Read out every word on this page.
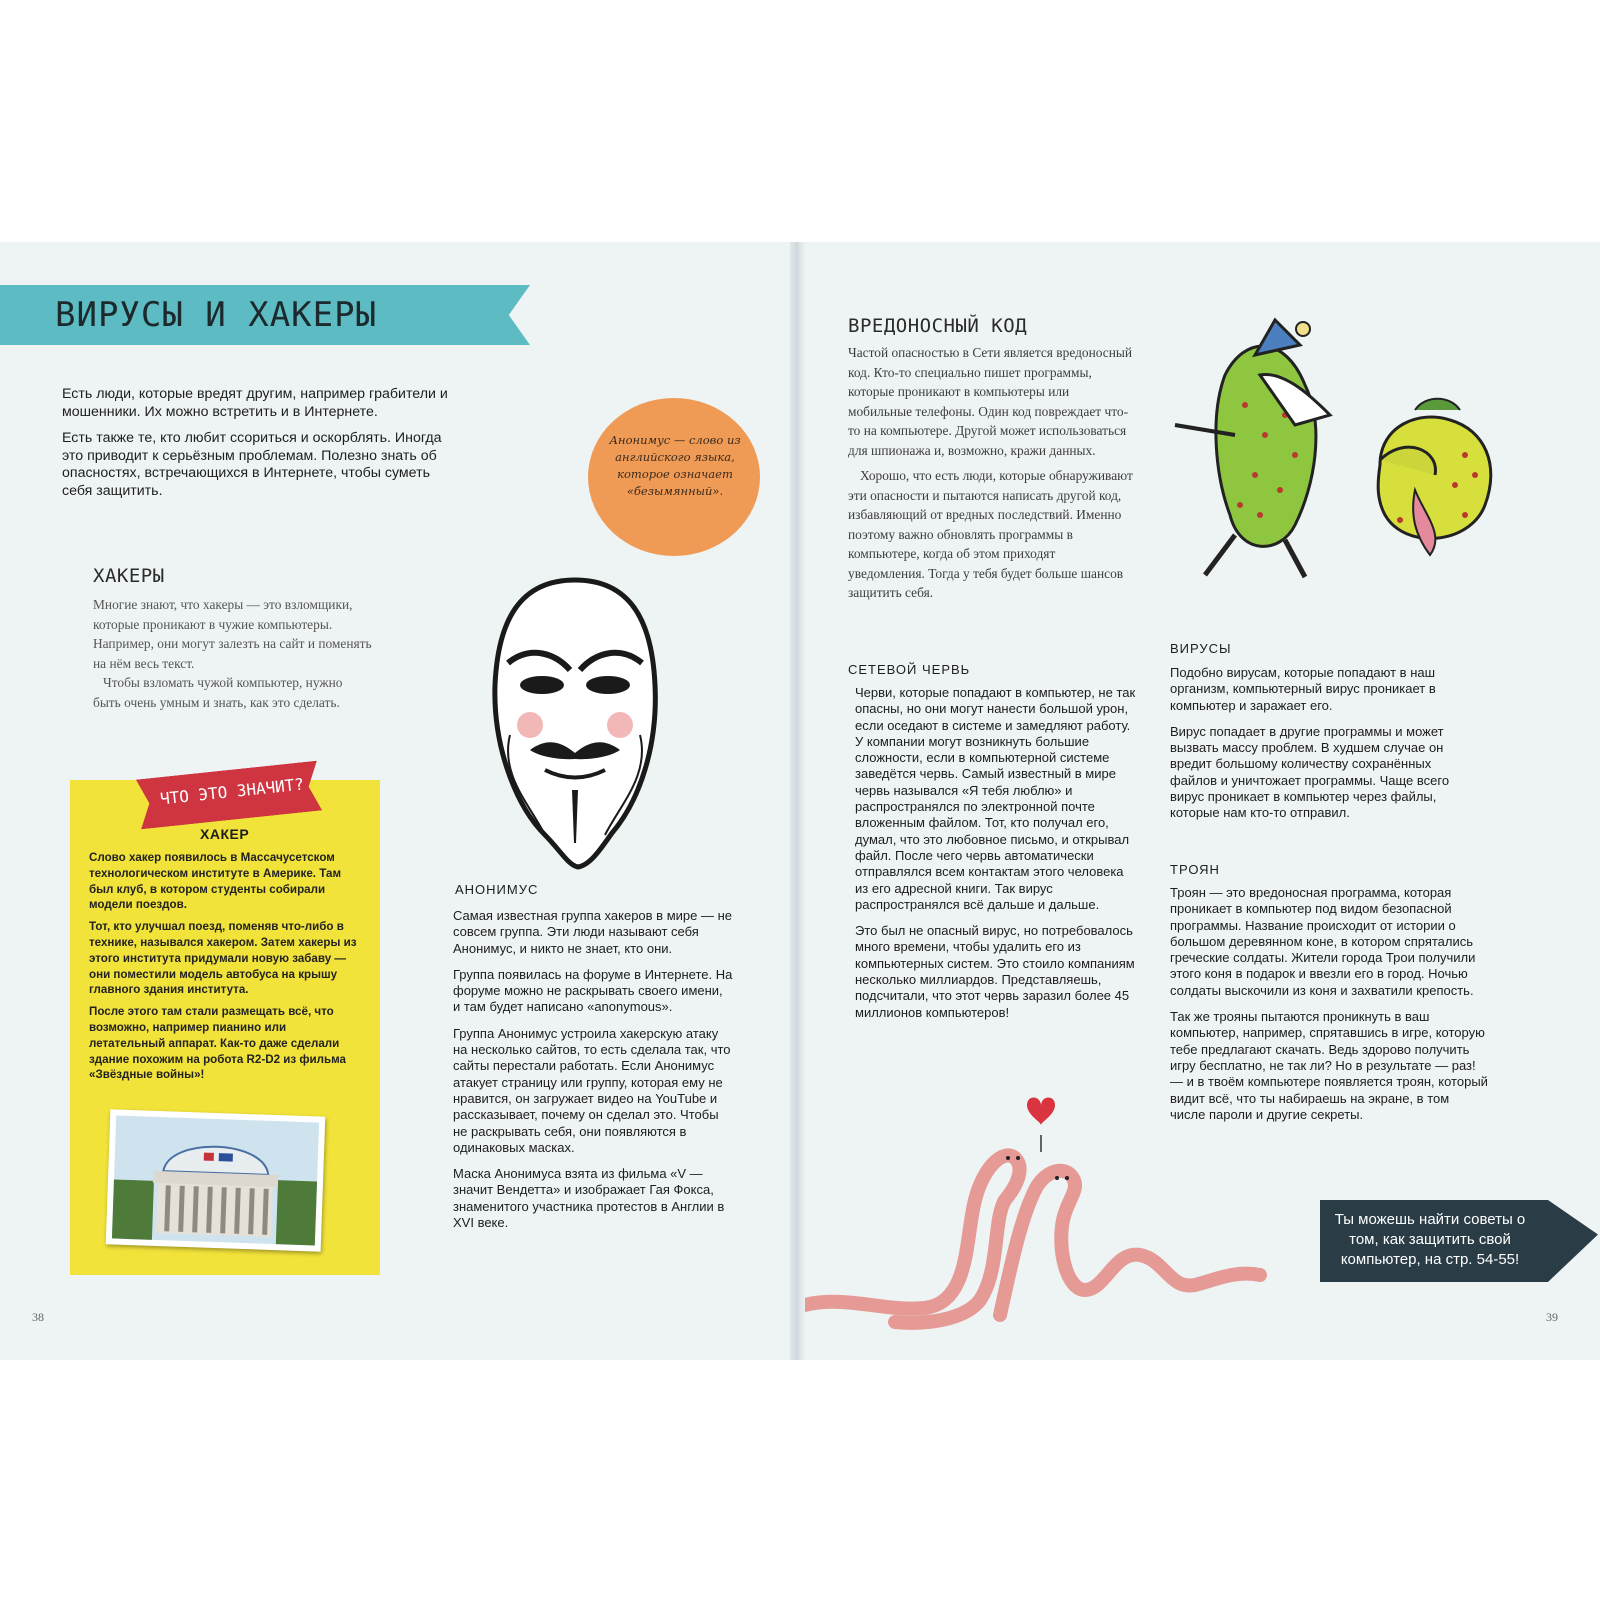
ВИРУСЫ И ХАКЕРЫ

Есть люди, которые вредят другим, например грабители и мошенники. Их можно встретить и в Интернете.

Есть также те, кто любит ссориться и оскорблять. Иногда это приводит к серьёзным проблемам. Полезно знать об опасностях, встречающихся в Интернете, чтобы суметь себя защитить.

Анонимус — слово из английского языка, которое означает «безымянный».
ХАКЕРЫ

Многие знают, что хакеры — это взломщики, которые проникают в чужие компьютеры. Например, они могут залезть на сайт и поменять на нём весь текст.

Чтобы взломать чужой компьютер, нужно быть очень умным и знать, как это сделать.

ЧТО ЭТО ЗНАЧИТ?
ХАКЕР

Слово хакер появилось в Массачусетском технологическом институте в Америке. Там был клуб, в котором студенты собирали модели поездов.

Тот, кто улучшал поезд, поменяв что-либо в технике, назывался хакером. Затем хакеры из этого института придумали новую забаву — они поместили модель автобуса на крышу главного здания института.

После этого там стали размещать всё, что возможно, например пианино или летательный аппарат. Как-то даже сделали здание похожим на робота R2-D2 из фильма «Звёздные войны»!

АНОНИМУС

Самая известная группа хакеров в мире — не совсем группа. Эти люди называют себя Анонимус, и никто не знает, кто они.

Группа появилась на форуме в Интернете. На форуме можно не раскрывать своего имени, и там будет написано «anonymous».

Группа Анонимус устроила хакерскую атаку на несколько сайтов, то есть сделала так, что сайты перестали работать. Если Анонимус атакует страницу или группу, которая ему не нравится, он загружает видео на YouTube и рассказывает, почему он сделал это. Чтобы не раскрывать себя, они появляются в одинаковых масках.

Маска Анонимуса взята из фильма «V — значит Вендетта» и изображает Гая Фокса, знаменитого участника протестов в Англии в XVI веке.

38
ВРЕДОНОСНЫЙ КОД

Частой опасностью в Сети является вредоносный код. Кто-то специально пишет программы, которые проникают в компьютеры или мобильные телефоны. Один код повреждает что-то на компьютере. Другой может использоваться для шпионажа и, возможно, кражи данных.

Хорошо, что есть люди, которые обнаруживают эти опасности и пытаются написать другой код, избавляющий от вредных последствий. Именно поэтому важно обновлять программы в компьютере, когда об этом приходят уведомления. Тогда у тебя будет больше шансов защитить себя.

СЕТЕВОЙ ЧЕРВЬ

Черви, которые попадают в компьютер, не так опасны, но они могут нанести большой урон, если оседают в системе и замедляют работу. У компании могут возникнуть большие сложности, если в компьютерной системе заведётся червь. Самый известный в мире червь назывался «Я тебя люблю» и распространялся по электронной почте вложенным файлом. Тот, кто получал его, думал, что это любовное письмо, и открывал файл. После чего червь автоматически отправлялся всем контактам этого человека из его адресной книги. Так вирус распространялся всё дальше и дальше.

Это был не опасный вирус, но потребовалось много времени, чтобы удалить его из компьютерных систем. Это стоило компаниям несколько миллиардов. Представляешь, подсчитали, что этот червь заразил более 45 миллионов компьютеров!

ВИРУСЫ

Подобно вирусам, которые попадают в наш организм, компьютерный вирус проникает в компьютер и заражает его.

Вирус попадает в другие программы и может вызвать массу проблем. В худшем случае он вредит большому количеству сохранённых файлов и уничтожает программы. Чаще всего вирус проникает в компьютер через файлы, которые нам кто-то отправил.

ТРОЯН

Троян — это вредоносная программа, которая проникает в компьютер под видом безопасной программы. Название происходит от истории о большом деревянном коне, в котором спрятались греческие солдаты. Жители города Трои получили этого коня в подарок и ввезли его в город. Ночью солдаты выскочили из коня и захватили крепость.

Так же трояны пытаются проникнуть в ваш компьютер, например, спрятавшись в игре, которую тебе предлагают скачать. Ведь здорово получить игру бесплатно, не так ли? Но в результате — раз! — и в твоём компьютере появляется троян, который видит всё, что ты набираешь на экране, в том числе пароли и другие секреты.

Ты можешь найти советы о том, как защитить свой компьютер, на стр. 54-55!
39
